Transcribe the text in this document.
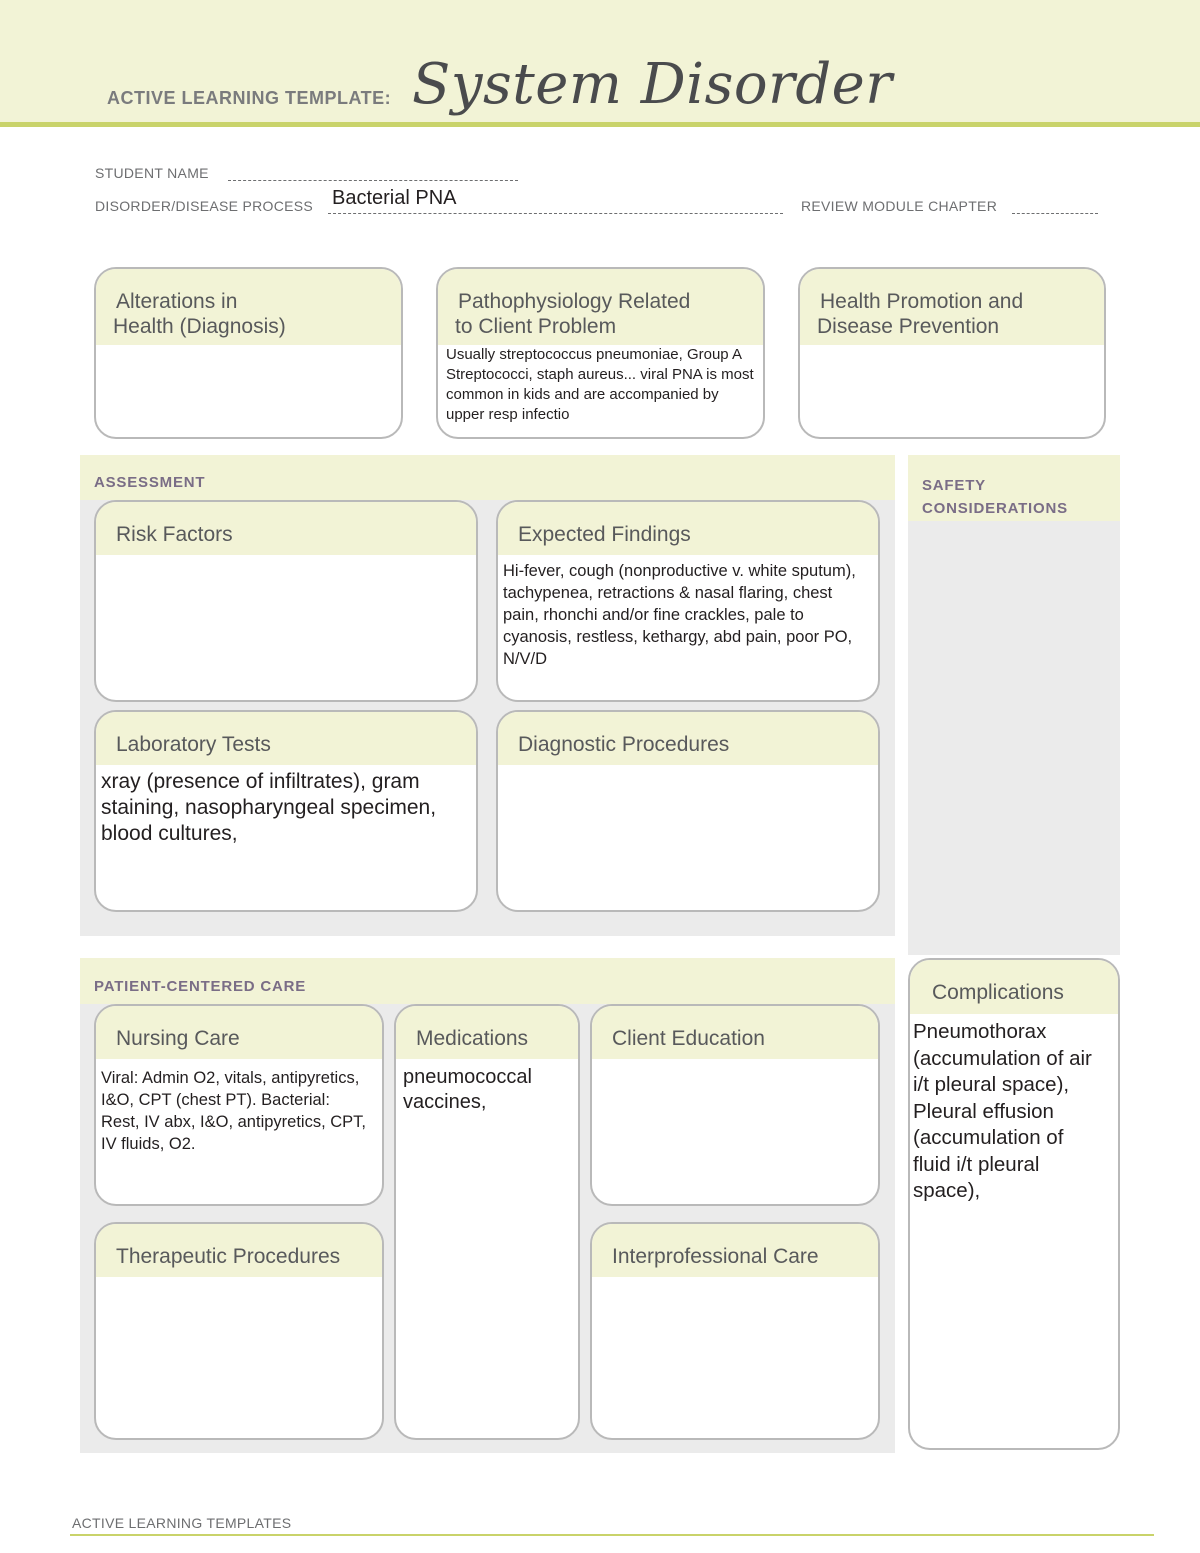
ACTIVE LEARNING TEMPLATE: System Disorder
STUDENT NAME
DISORDER/DISEASE PROCESS Bacterial PNA	REVIEW MODULE CHAPTER
Alterations in
Health (Diagnosis)
Pathophysiology Related
to Client Problem
Usually streptococcus pneumoniae, Group A Streptococci, staph aureus... viral PNA is most common in kids and are accompanied by upper resp infectio
Health Promotion and
Disease Prevention
ASSESSMENT
Risk Factors	Expected Findings
Hi-fever, cough (nonproductive v. white sputum), tachypenea, retractions & nasal flaring, chest pain, rhonchi and/or fine crackles, pale to cyanosis, restless, kethargy, abd pain, poor PO, N/V/D
Laboratory Tests
xray (presence of infiltrates), gram staining, nasopharyngeal specimen, blood cultures,
Diagnostic Procedures
SAFETY
CONSIDERATIONS
PATIENT-CENTERED CARE
Nursing Care
Viral: Admin O2, vitals, antipyretics, I&O, CPT (chest PT). Bacterial: Rest, IV abx, I&O, antipyretics, CPT, IV fluids, O2.
Medications
pneumococcal vaccines,
Client Education
Therapeutic Procedures	Interprofessional Care
Complications
Pneumothorax (accumulation of air i/t pleural space), Pleural effusion (accumulation of fluid i/t pleural space),
ACTIVE LEARNING TEMPLATES
